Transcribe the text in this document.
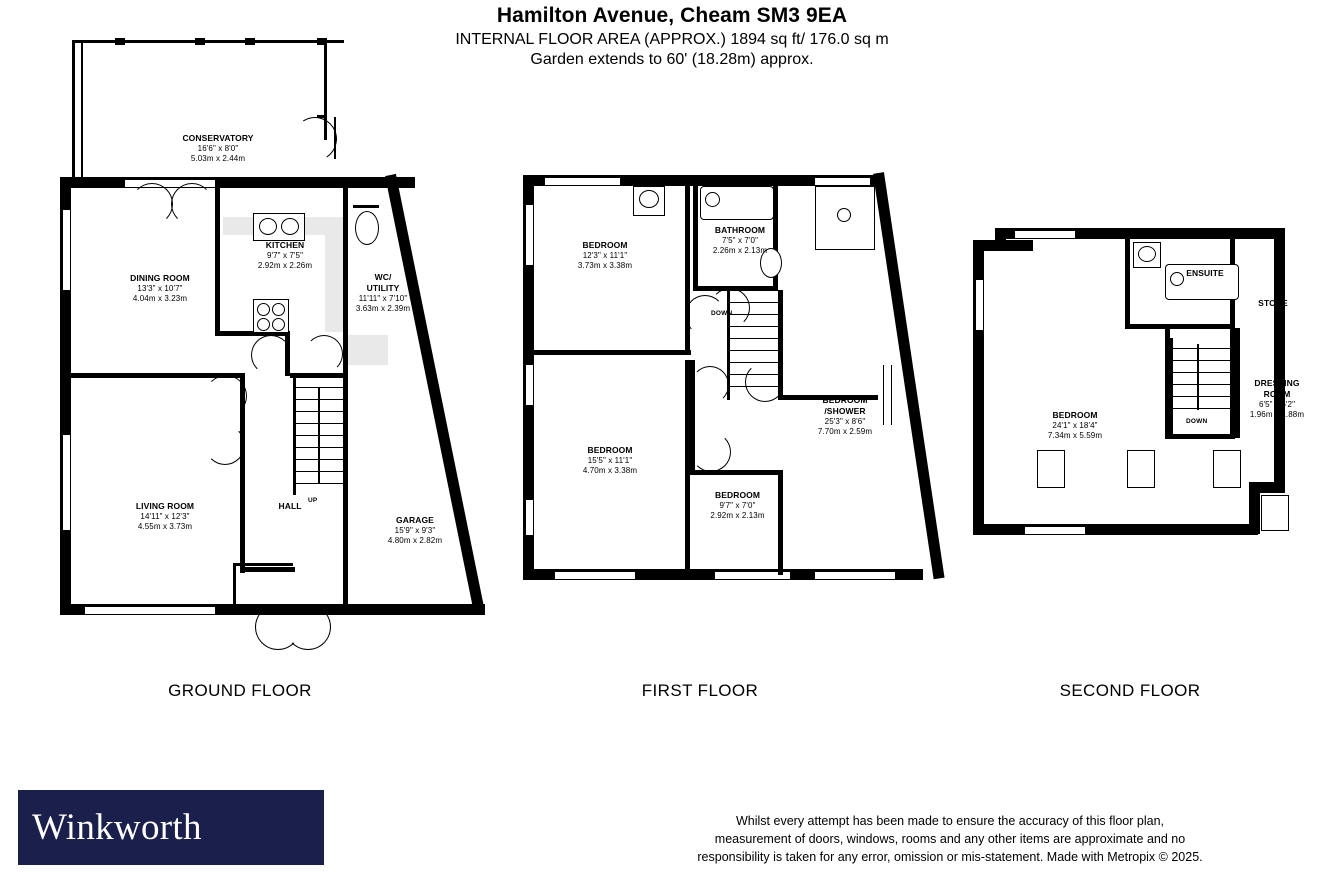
Hamilton Avenue, Cheam SM3 9EA
INTERNAL FLOOR AREA (APPROX.) 1894 sq ft/ 176.0 sq m
Garden extends to 60' (18.28m) approx.
UP
CONSERVATORY
16'6" x 8'0"
5.03m x 2.44m
KITCHEN
9'7" x 7'5"
2.92m x 2.26m
DINING ROOM
13'3" x 10'7"
4.04m x 3.23m
WC/
UTILITY
11'11" x 7'10"
3.63m x 2.39m
LIVING ROOM
14'11" x 12'3"
4.55m x 3.73m
HALL
GARAGE
15'9" x 9'3"
4.80m x 2.82m
GROUND FLOOR
DOWN
BEDROOM
12'3" x 11'1"
3.73m x 3.38m
BATHROOM
7'5" x 7'0"
2.26m x 2.13m
BEDROOM
/SHOWER
25'3" x 8'6"
7.70m x 2.59m
BEDROOM
15'5" x 11'1"
4.70m x 3.38m
BEDROOM
9'7" x 7'0"
2.92m x 2.13m
FIRST FLOOR
DOWN
ENSUITE
STORE
BEDROOM
24'1" x 18'4"
7.34m x 5.59m
DRESSING
ROOM
6'5" x 6'2"
1.96m x 1.88m
SECOND FLOOR
Winkworth	Whilst every attempt has been made to ensure the accuracy of this floor plan,
measurement of doors, windows, rooms and any other items are approximate and no
responsibility is taken for any error, omission or mis-statement. Made with Metropix © 2025.
